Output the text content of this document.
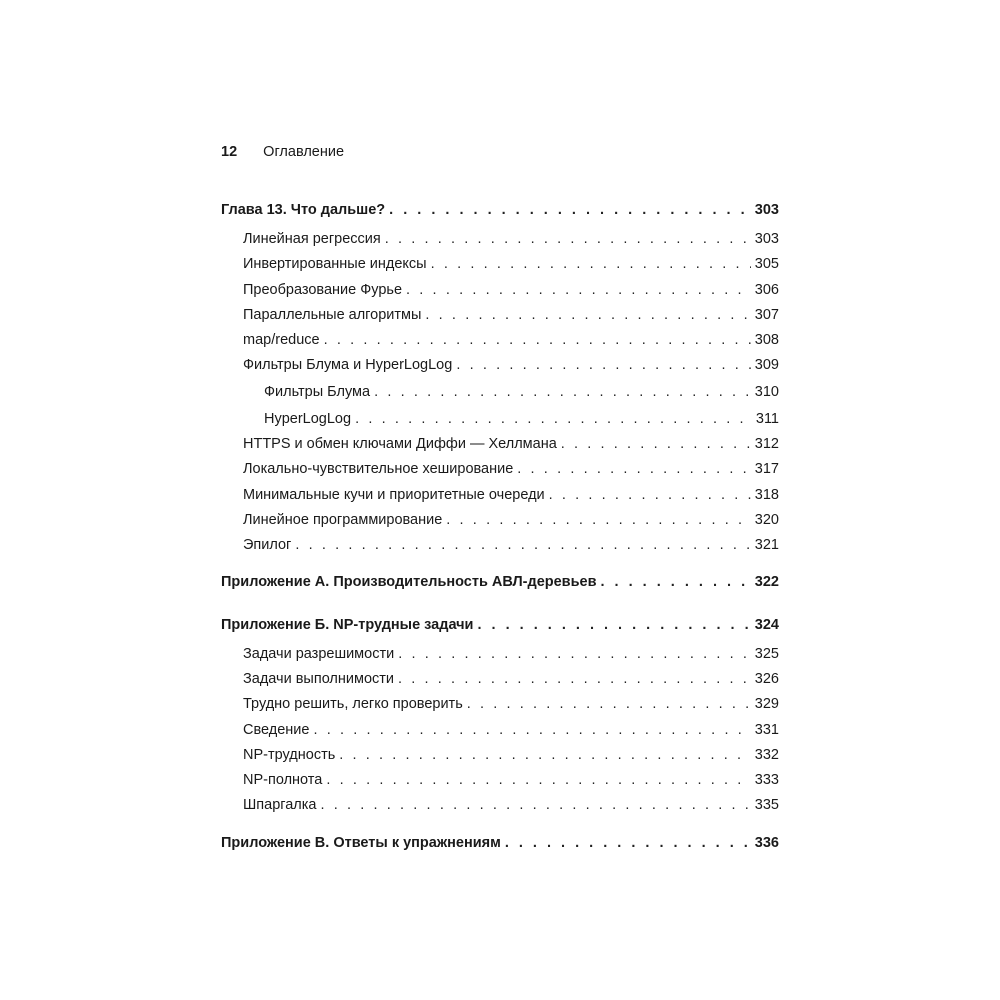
12 Оглавление
Глава 13. Что дальше? . . .	303
Линейная регрессия . . .	303
Инвертированные индексы . . .	305
Преобразование Фурье . . .	306
Параллельные алгоритмы . . .	307
map/reduce . . .	308
Фильтры Блума и HyperLogLog . . .	309
Фильтры Блума . . .	310
HyperLogLog . . .	311
HTTPS и обмен ключами Диффи — Хеллмана . . .	312
Локально-чувствительное хеширование . . .	317
Минимальные кучи и приоритетные очереди . . .	318
Линейное программирование . . .	320
Эпилог . . .	321
Приложение А. Производительность АВЛ-деревьев . . .	322
Приложение Б. NP-трудные задачи . . .	324
Задачи разрешимости . . .	325
Задачи выполнимости . . .	326
Трудно решить, легко проверить . . .	329
Сведение . . .	331
NP-трудность . . .	332
NP-полнота . . .	333
Шпаргалка . . .	335
Приложение В. Ответы к упражнениям . . .	336
